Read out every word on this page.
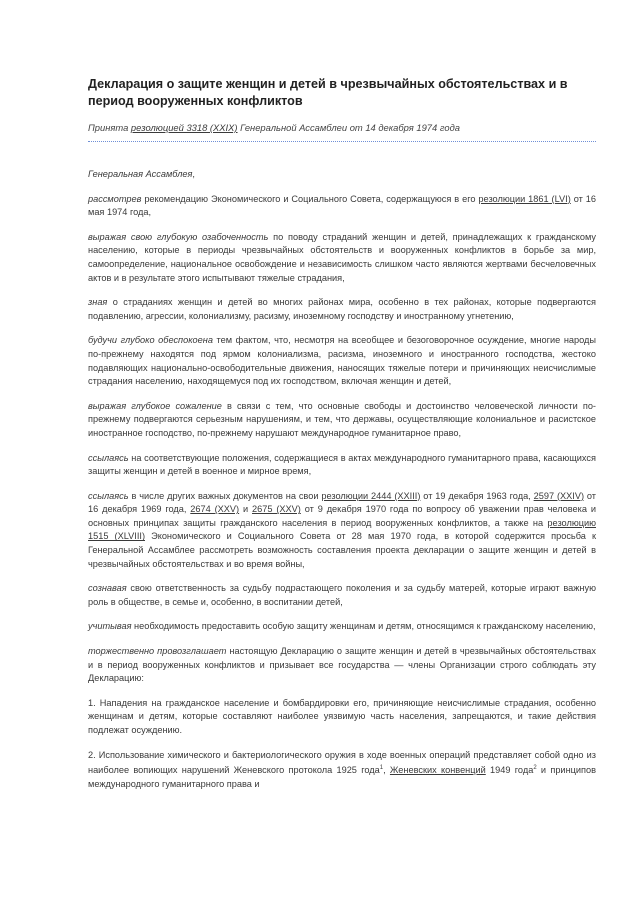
Декларация о защите женщин и детей в чрезвычайных обстоятельствах и в период вооруженных конфликтов
Принята резолюцией 3318 (XXIX) Генеральной Ассамблеи от 14 декабря 1974 года

Генеральная Ассамблея,

рассмотрев рекомендацию Экономического и Социального Совета, содержащуюся в его резолюции 1861 (LVI) от 16 мая 1974 года,

выражая свою глубокую озабоченность по поводу страданий женщин и детей, принадлежащих к гражданскому населению, которые в периоды чрезвычайных обстоятельств и вооруженных конфликтов в борьбе за мир, самоопределение, национальное освобождение и независимость слишком часто являются жертвами бесчеловечных актов и в результате этого испытывают тяжелые страдания,

зная о страданиях женщин и детей во многих районах мира, особенно в тех районах, которые подвергаются подавлению, агрессии, колониализму, расизму, иноземному господству и иностранному угнетению,

будучи глубоко обеспокоена тем фактом, что, несмотря на всеобщее и безоговорочное осуждение, многие народы по-прежнему находятся под ярмом колониализма, расизма, иноземного и иностранного господства, жестоко подавляющих национально-освободительные движения, наносящих тяжелые потери и причиняющих неисчислимые страдания населению, находящемуся под их господством, включая женщин и детей,

выражая глубокое сожаление в связи с тем, что основные свободы и достоинство человеческой личности по-прежнему подвергаются серьезным нарушениям, и тем, что державы, осуществляющие колониальное и расистское иностранное господство, по-прежнему нарушают международное гуманитарное право,

ссылаясь на соответствующие положения, содержащиеся в актах международного гуманитарного права, касающихся защиты женщин и детей в военное и мирное время,

ссылаясь в числе других важных документов на свои резолюции 2444 (XXIII) от 19 декабря 1963 года, 2597 (XXIV) от 16 декабря 1969 года, 2674 (XXV) и 2675 (XXV) от 9 декабря 1970 года по вопросу об уважении прав человека и основных принципах защиты гражданского населения в период вооруженных конфликтов, а также на резолюцию 1515 (XLVIII) Экономического и Социального Совета от 28 мая 1970 года, в которой содержится просьба к Генеральной Ассамблее рассмотреть возможность составления проекта декларации о защите женщин и детей в чрезвычайных обстоятельствах и во время войны,

сознавая свою ответственность за судьбу подрастающего поколения и за судьбу матерей, которые играют важную роль в обществе, в семье и, особенно, в воспитании детей,

учитывая необходимость предоставить особую защиту женщинам и детям, относящимся к гражданскому населению,

торжественно провозглашает настоящую Декларацию о защите женщин и детей в чрезвычайных обстоятельствах и в период вооруженных конфликтов и призывает все государства — члены Организации строго соблюдать эту Декларацию:

1. Нападения на гражданское население и бомбардировки его, причиняющие неисчислимые страдания, особенно женщинам и детям, которые составляют наиболее уязвимую часть населения, запрещаются, и такие действия подлежат осуждению.

2. Использование химического и бактериологического оружия в ходе военных операций представляет собой одно из наиболее вопиющих нарушений Женевского протокола 1925 года$^1$, Женевских конвенций 1949 года$^2$ и принципов международного гуманитарного права и
